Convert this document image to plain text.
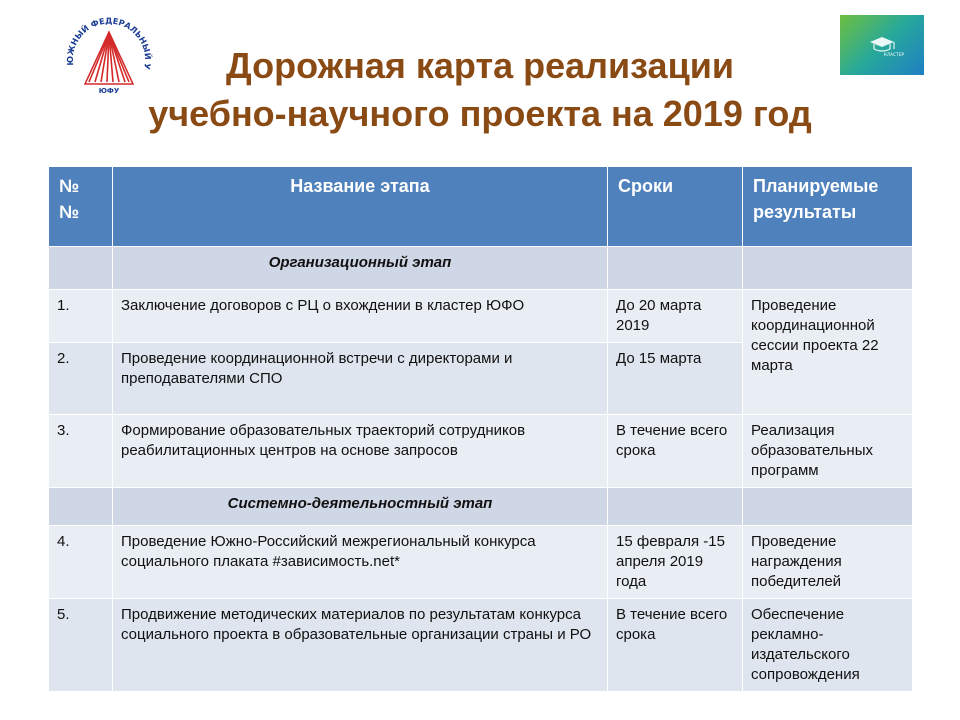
ЮЖНЫЙ ФЕДЕРАЛЬНЫЙ У
ЮФУ
КЛАСТЕР
Дорожная карта реализации
учебно-научного проекта на 2019 год
№ №	Название этапа	Сроки	Планируемые результаты
	Организационный этап		
1.	Заключение договоров с РЦ о вхождении в кластер ЮФО	До 20 марта 2019	Проведение координационной сессии проекта 22 марта
2.	Проведение координационной встречи с директорами и преподавателями СПО	До 15 марта	
3.	Формирование образовательных траекторий сотрудников реабилитационных центров на основе запросов	В течение всего срока	Реализация образовательных программ
	Системно-деятельностный этап		
4.	Проведение Южно-Российский межрегиональный конкурса социального плаката #зависимость.net*	15 февраля -15 апреля 2019 года	Проведение награждения победителей
5.	Продвижение методических материалов по результатам конкурса социального проекта в образовательные организации страны и РО	В течение всего срока	Обеспечение рекламно-издательского сопровождения
